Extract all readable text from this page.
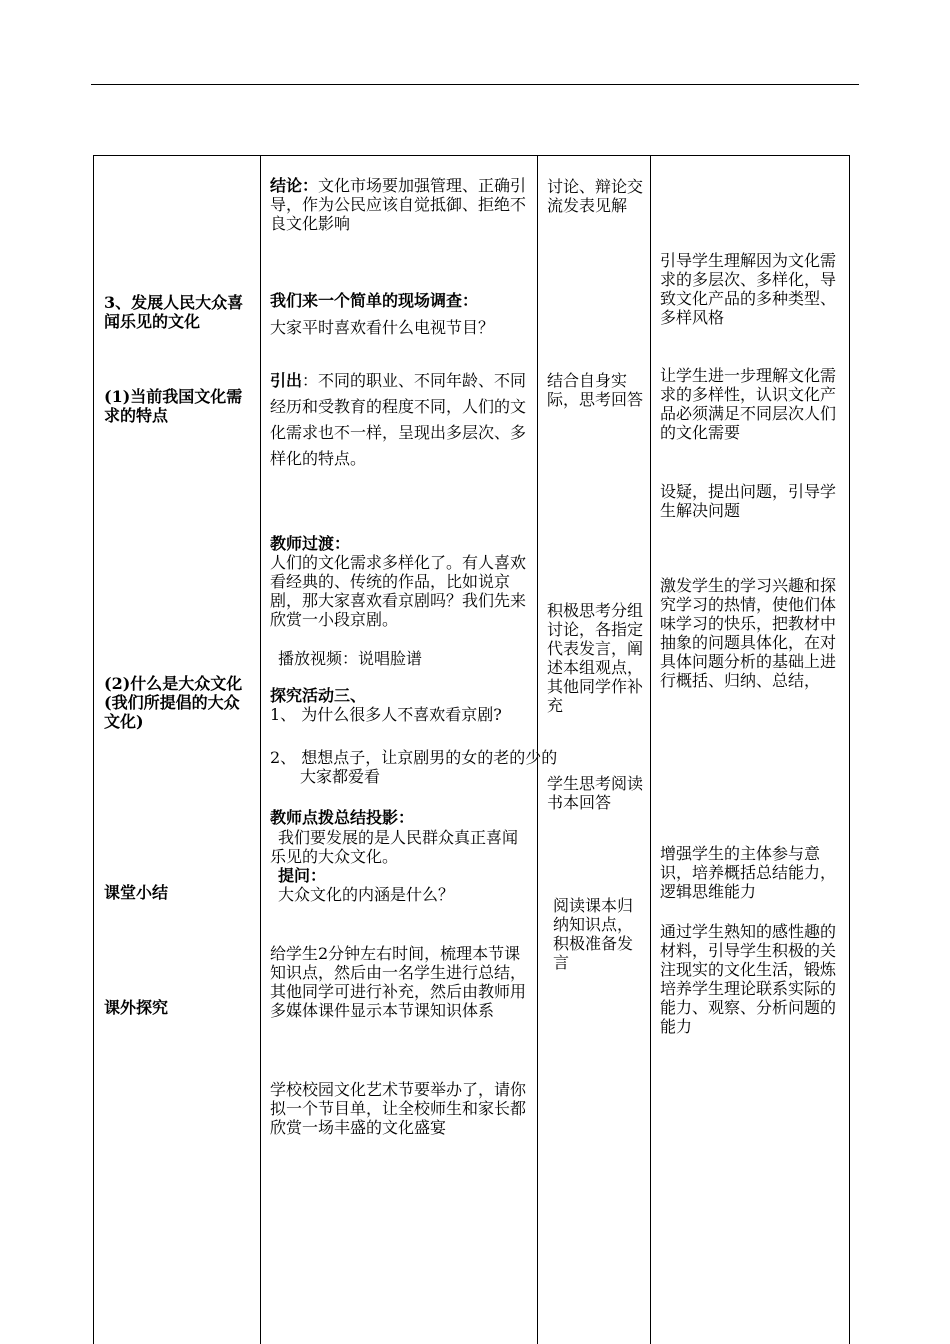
3、发展人民大众喜闻乐见的文化
(1)当前我国文化需求的特点
(2)什么是大众文化(我们所提倡的大众文化)
课堂小结
课外探究
结论：文化市场要加强管理、正确引导，作为公民应该自觉抵御、拒绝不良文化影响
我们来一个简单的现场调查：
大家平时喜欢看什么电视节目？
引出：不同的职业、不同年龄、不同经历和受教育的程度不同，人们的文化需求也不一样，呈现出多层次、多样化的特点。
教师过渡：
人们的文化需求多样化了。有人喜欢看经典的、传统的作品，比如说京剧，那大家喜欢看京剧吗？我们先来欣赏一小段京剧。
播放视频：说唱脸谱
探究活动三、
1、 为什么很多人不喜欢看京剧?
2、 想想点子，让京剧男的女的老的少的大家都爱看
教师点拨总结投影：
我们要发展的是人民群众真正喜闻乐见的大众文化。
提问：
大众文化的内涵是什么？
给学生2分钟左右时间，梳理本节课知识点，然后由一名学生进行总结，其他同学可进行补充，然后由教师用多媒体课件显示本节课知识体系
学校校园文化艺术节要举办了，请你拟一个节目单，让全校师生和家长都欣赏一场丰盛的文化盛宴
讨论、辩论交流发表见解
结合自身实际，思考回答
积极思考分组讨论，各指定代表发言，阐述本组观点，其他同学作补充
学生思考阅读书本回答
阅读课本归纳知识点，积极准备发言
引导学生理解因为文化需求的多层次、多样化，导致文化产品的多种类型、多样风格
让学生进一步理解文化需求的多样性，认识文化产品必须满足不同层次人们的文化需要
设疑，提出问题，引导学生解决问题
激发学生的学习兴趣和探究学习的热情，使他们体味学习的快乐，把教材中抽象的问题具体化，在对具体问题分析的基础上进行概括、归纳、总结，
增强学生的主体参与意识，培养概括总结能力，逻辑思维能力
通过学生熟知的感性趣的材料，引导学生积极的关注现实的文化生活，锻炼培养学生理论联系实际的能力、观察、分析问题的能力
